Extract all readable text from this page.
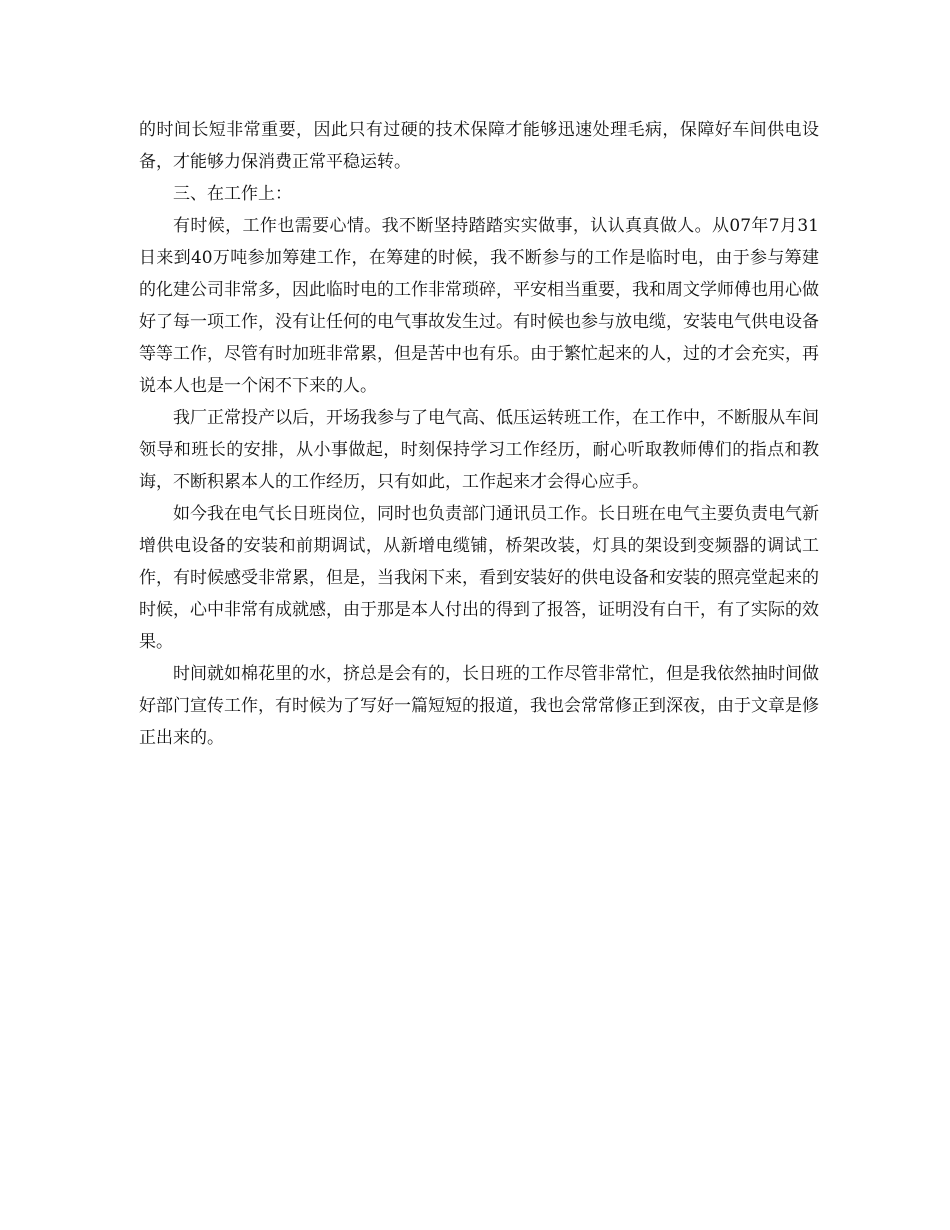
的时间长短非常重要，因此只有过硬的技术保障才能够迅速处理毛病，保障好车间供电设备，才能够力保消费正常平稳运转。

三、在工作上：

有时候，工作也需要心情。我不断坚持踏踏实实做事，认认真真做人。从07年7月31日来到40万吨参加筹建工作，在筹建的时候，我不断参与的工作是临时电，由于参与筹建的化建公司非常多，因此临时电的工作非常琐碎，平安相当重要，我和周文学师傅也用心做好了每一项工作，没有让任何的电气事故发生过。有时候也参与放电缆，安装电气供电设备等等工作，尽管有时加班非常累，但是苦中也有乐。由于繁忙起来的人，过的才会充实，再说本人也是一个闲不下来的人。

我厂正常投产以后，开场我参与了电气高、低压运转班工作，在工作中，不断服从车间领导和班长的安排，从小事做起，时刻保持学习工作经历，耐心听取教师傅们的指点和教诲，不断积累本人的工作经历，只有如此，工作起来才会得心应手。

如今我在电气长日班岗位，同时也负责部门通讯员工作。长日班在电气主要负责电气新增供电设备的安装和前期调试，从新增电缆铺，桥架改装，灯具的架设到变频器的调试工作，有时候感受非常累，但是，当我闲下来，看到安装好的供电设备和安装的照亮堂起来的时候，心中非常有成就感，由于那是本人付出的得到了报答，证明没有白干，有了实际的效果。

时间就如棉花里的水，挤总是会有的，长日班的工作尽管非常忙，但是我依然抽时间做好部门宣传工作，有时候为了写好一篇短短的报道，我也会常常修正到深夜，由于文章是修正出来的。
